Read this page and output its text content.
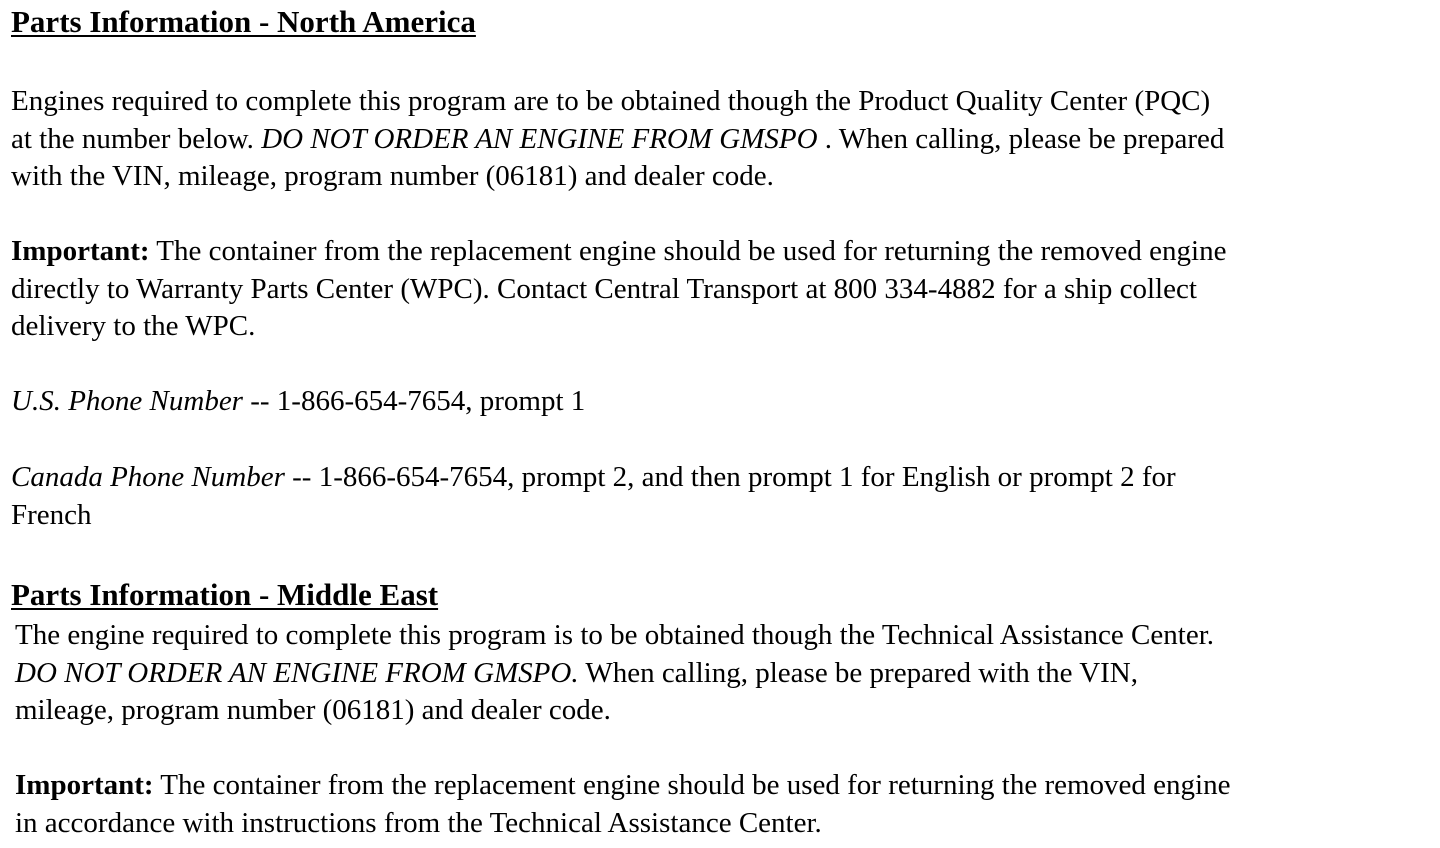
Parts Information - North America

Engines required to complete this program are to be obtained though the Product Quality Center (PQC)
at the number below. DO NOT ORDER AN ENGINE FROM GMSPO . When calling, please be prepared
with the VIN, mileage, program number (06181) and dealer code.

Important: The container from the replacement engine should be used for returning the removed engine
directly to Warranty Parts Center (WPC). Contact Central Transport at 800 334-4882 for a ship collect
delivery to the WPC.

U.S. Phone Number -- 1-866-654-7654, prompt 1

Canada Phone Number -- 1-866-654-7654, prompt 2, and then prompt 1 for English or prompt 2 for
French

Parts Information - Middle East

The engine required to complete this program is to be obtained though the Technical Assistance Center.
DO NOT ORDER AN ENGINE FROM GMSPO. When calling, please be prepared with the VIN,
mileage, program number (06181) and dealer code.

Important: The container from the replacement engine should be used for returning the removed engine
in accordance with instructions from the Technical Assistance Center.
